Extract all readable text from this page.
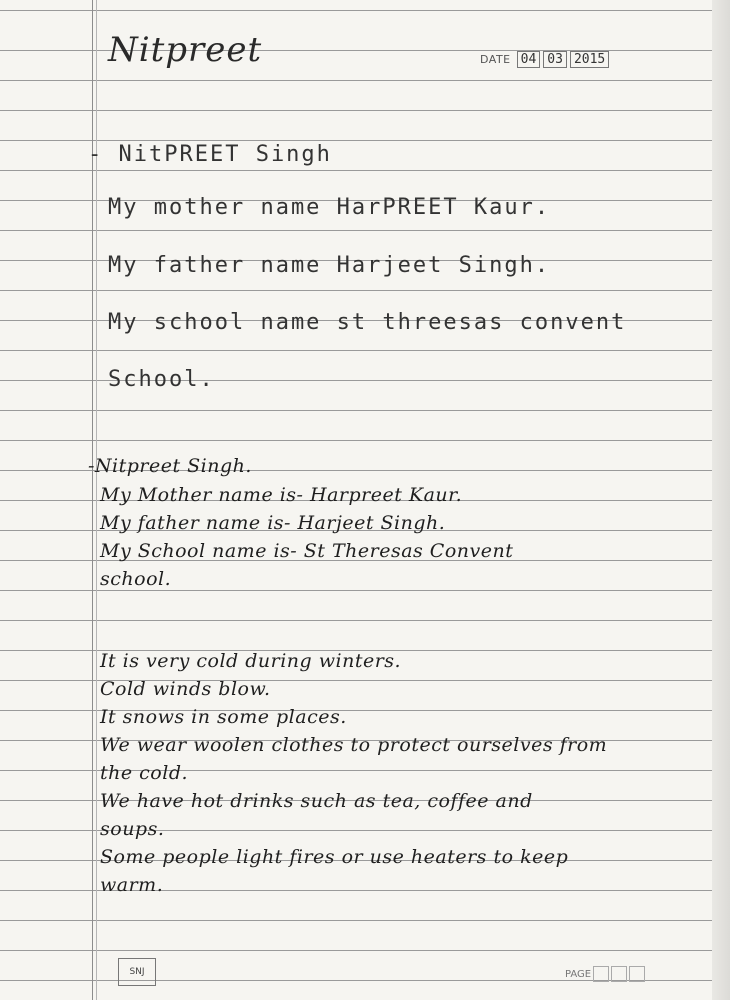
Nitpreet	DATE 04 03 2015
- NitPREET Singh
My mother name HarPREET Kaur.
My father name Harjeet Singh.
My school name st threesas convent
School.
-Nitpreet Singh.
My Mother name is- Harpreet Kaur.
My father name is- Harjeet Singh.
My School name is- St Theresas Convent
school.
It is very cold during winters.
Cold winds blow.
It snows in some places.
We wear woolen clothes to protect ourselves from
the cold.
We have hot drinks such as tea, coffee and
soups.
Some people light fires or use heaters to keep
warm.
SNJ	PAGE
